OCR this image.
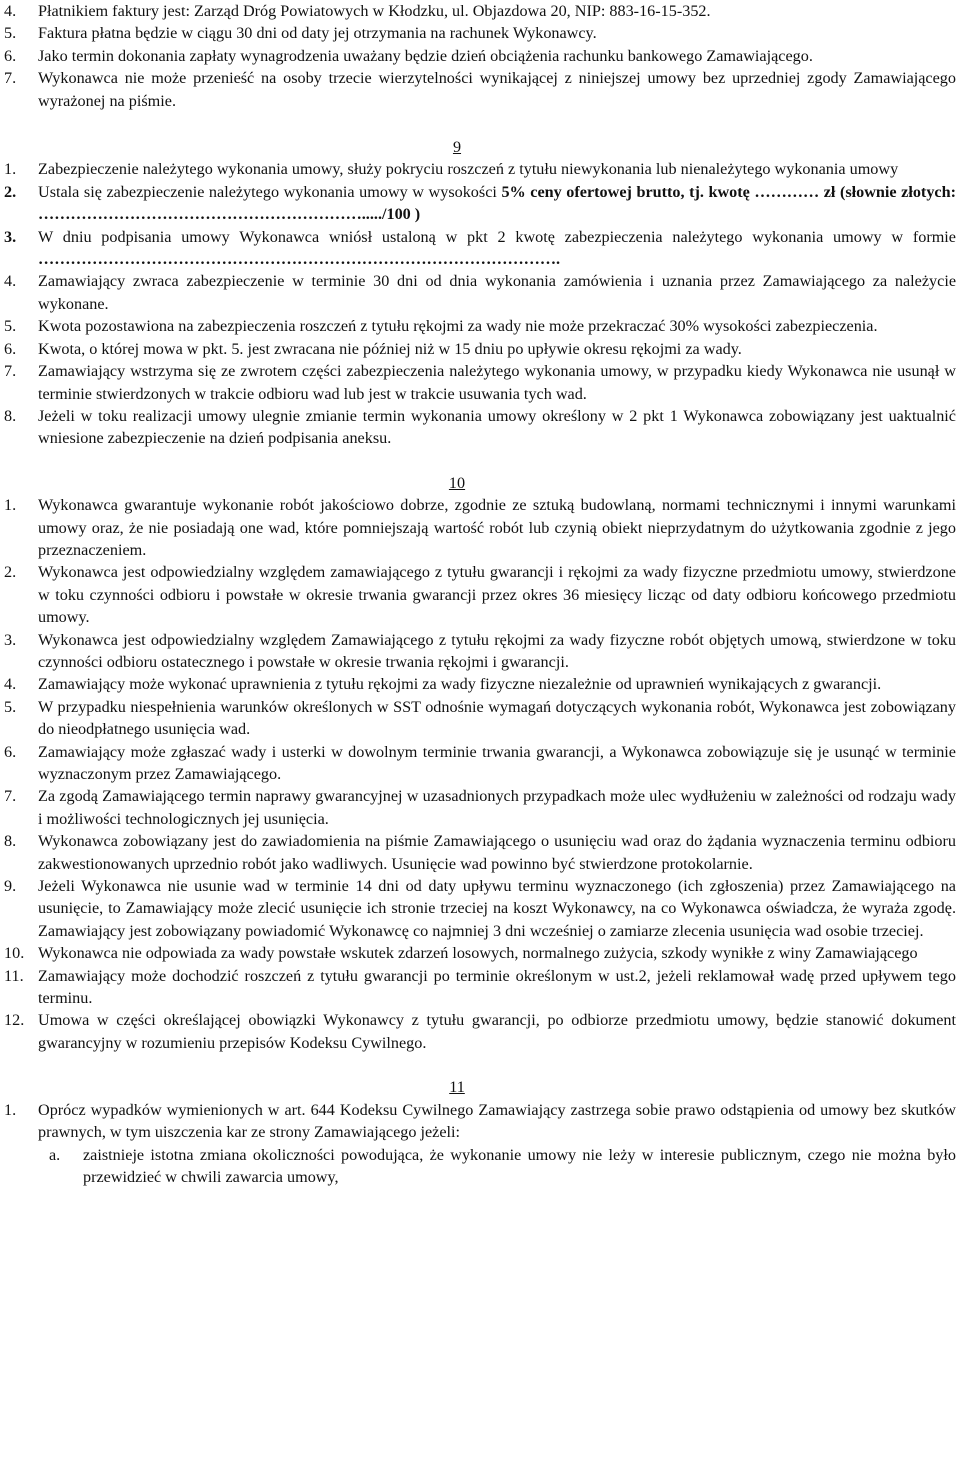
4.	Płatnikiem faktury jest: Zarząd Dróg Powiatowych w Kłodzku, ul. Objazdowa 20, NIP: 883-16-15-352.
5.	Faktura płatna będzie w ciągu 30 dni od daty jej otrzymania na rachunek Wykonawcy.
6.	Jako termin dokonania zapłaty wynagrodzenia uważany będzie dzień obciążenia rachunku bankowego Zamawiającego.
7.	Wykonawca nie może przenieść na osoby trzecie wierzytelności wynikającej z niniejszej umowy bez uprzedniej zgody Zamawiającego wyrażonej na piśmie.

9

1.	Zabezpieczenie należytego wykonania umowy, służy pokryciu roszczeń z tytułu niewykonania lub nienależytego wykonania umowy
2.	Ustala się zabezpieczenie należytego wykonania umowy w wysokości 5% ceny ofertowej brutto, tj. kwotę ………… zł (słownie złotych: ……………………………………………………...../100 )
3.	W dniu podpisania umowy Wykonawca wniósł ustaloną w pkt 2 kwotę zabezpieczenia należytego wykonania umowy w formie …………………………………………………………………………………….
4.	Zamawiający zwraca zabezpieczenie w terminie 30 dni od dnia wykonania zamówienia i uznania przez Zamawiającego za należycie wykonane.
5.	Kwota pozostawiona na zabezpieczenia roszczeń z tytułu rękojmi za wady nie może przekraczać 30% wysokości zabezpieczenia.
6.	Kwota, o której mowa w pkt. 5. jest zwracana nie później niż w 15 dniu po upływie okresu rękojmi za wady.
7.	Zamawiający wstrzyma się ze zwrotem części zabezpieczenia należytego wykonania umowy, w przypadku kiedy Wykonawca nie usunął w terminie stwierdzonych w trakcie odbioru wad lub jest w trakcie usuwania tych wad.
8.	Jeżeli w toku realizacji umowy ulegnie zmianie termin wykonania umowy określony w 2 pkt 1 Wykonawca zobowiązany jest uaktualnić wniesione zabezpieczenie na dzień podpisania aneksu.

10

1.	Wykonawca gwarantuje wykonanie robót jakościowo dobrze, zgodnie ze sztuką budowlaną, normami technicznymi i innymi warunkami umowy oraz, że nie posiadają one wad, które pomniejszają wartość robót lub czynią obiekt nieprzydatnym do użytkowania zgodnie z jego przeznaczeniem.
2.	Wykonawca jest odpowiedzialny względem zamawiającego z tytułu gwarancji i rękojmi za wady fizyczne przedmiotu umowy, stwierdzone w toku czynności odbioru i powstałe w okresie trwania gwarancji przez okres 36 miesięcy licząc od daty odbioru końcowego przedmiotu umowy.
3.	Wykonawca jest odpowiedzialny względem Zamawiającego z tytułu rękojmi za wady fizyczne robót objętych umową, stwierdzone w toku czynności odbioru ostatecznego i powstałe w okresie trwania rękojmi i gwarancji.
4.	Zamawiający może wykonać uprawnienia z tytułu rękojmi za wady fizyczne niezależnie od uprawnień wynikających z gwarancji.
5.	W przypadku niespełnienia warunków określonych w SST odnośnie wymagań dotyczących wykonania robót, Wykonawca jest zobowiązany do nieodpłatnego usunięcia wad.
6.	Zamawiający może zgłaszać wady i usterki w dowolnym terminie trwania gwarancji, a Wykonawca zobowiązuje się je usunąć w terminie wyznaczonym przez Zamawiającego.
7.	Za zgodą Zamawiającego termin naprawy gwarancyjnej w uzasadnionych przypadkach może ulec wydłużeniu w zależności od rodzaju wady i możliwości technologicznych jej usunięcia.
8.	Wykonawca zobowiązany jest do zawiadomienia na piśmie Zamawiającego o usunięciu wad oraz do żądania wyznaczenia terminu odbioru zakwestionowanych uprzednio robót jako wadliwych. Usunięcie wad powinno być stwierdzone protokolarnie.
9.	Jeżeli Wykonawca nie usunie wad w terminie 14 dni od daty upływu terminu wyznaczonego (ich zgłoszenia) przez Zamawiającego na usunięcie, to Zamawiający może zlecić usunięcie ich stronie trzeciej na koszt Wykonawcy, na co Wykonawca oświadcza, że wyraża zgodę. Zamawiający jest zobowiązany powiadomić Wykonawcę co najmniej 3 dni wcześniej o zamiarze zlecenia usunięcia wad osobie trzeciej.
10. Wykonawca nie odpowiada za wady powstałe wskutek zdarzeń losowych, normalnego zużycia, szkody wynikłe z winy Zamawiającego
11. Zamawiający może dochodzić roszczeń z tytułu gwarancji po terminie określonym w ust.2, jeżeli reklamował wadę przed upływem tego terminu.
12. Umowa w części określającej obowiązki Wykonawcy z tytułu gwarancji, po odbiorze przedmiotu umowy, będzie stanowić dokument gwarancyjny w rozumieniu przepisów Kodeksu Cywilnego.

11

1.	Oprócz wypadków wymienionych w art. 644 Kodeksu Cywilnego Zamawiający zastrzega sobie prawo odstąpienia od umowy bez skutków prawnych, w tym uiszczenia kar ze strony Zamawiającego jeżeli:
a.	zaistnieje istotna zmiana okoliczności powodująca, że wykonanie umowy nie leży w interesie publicznym, czego nie można było przewidzieć w chwili zawarcia umowy,
